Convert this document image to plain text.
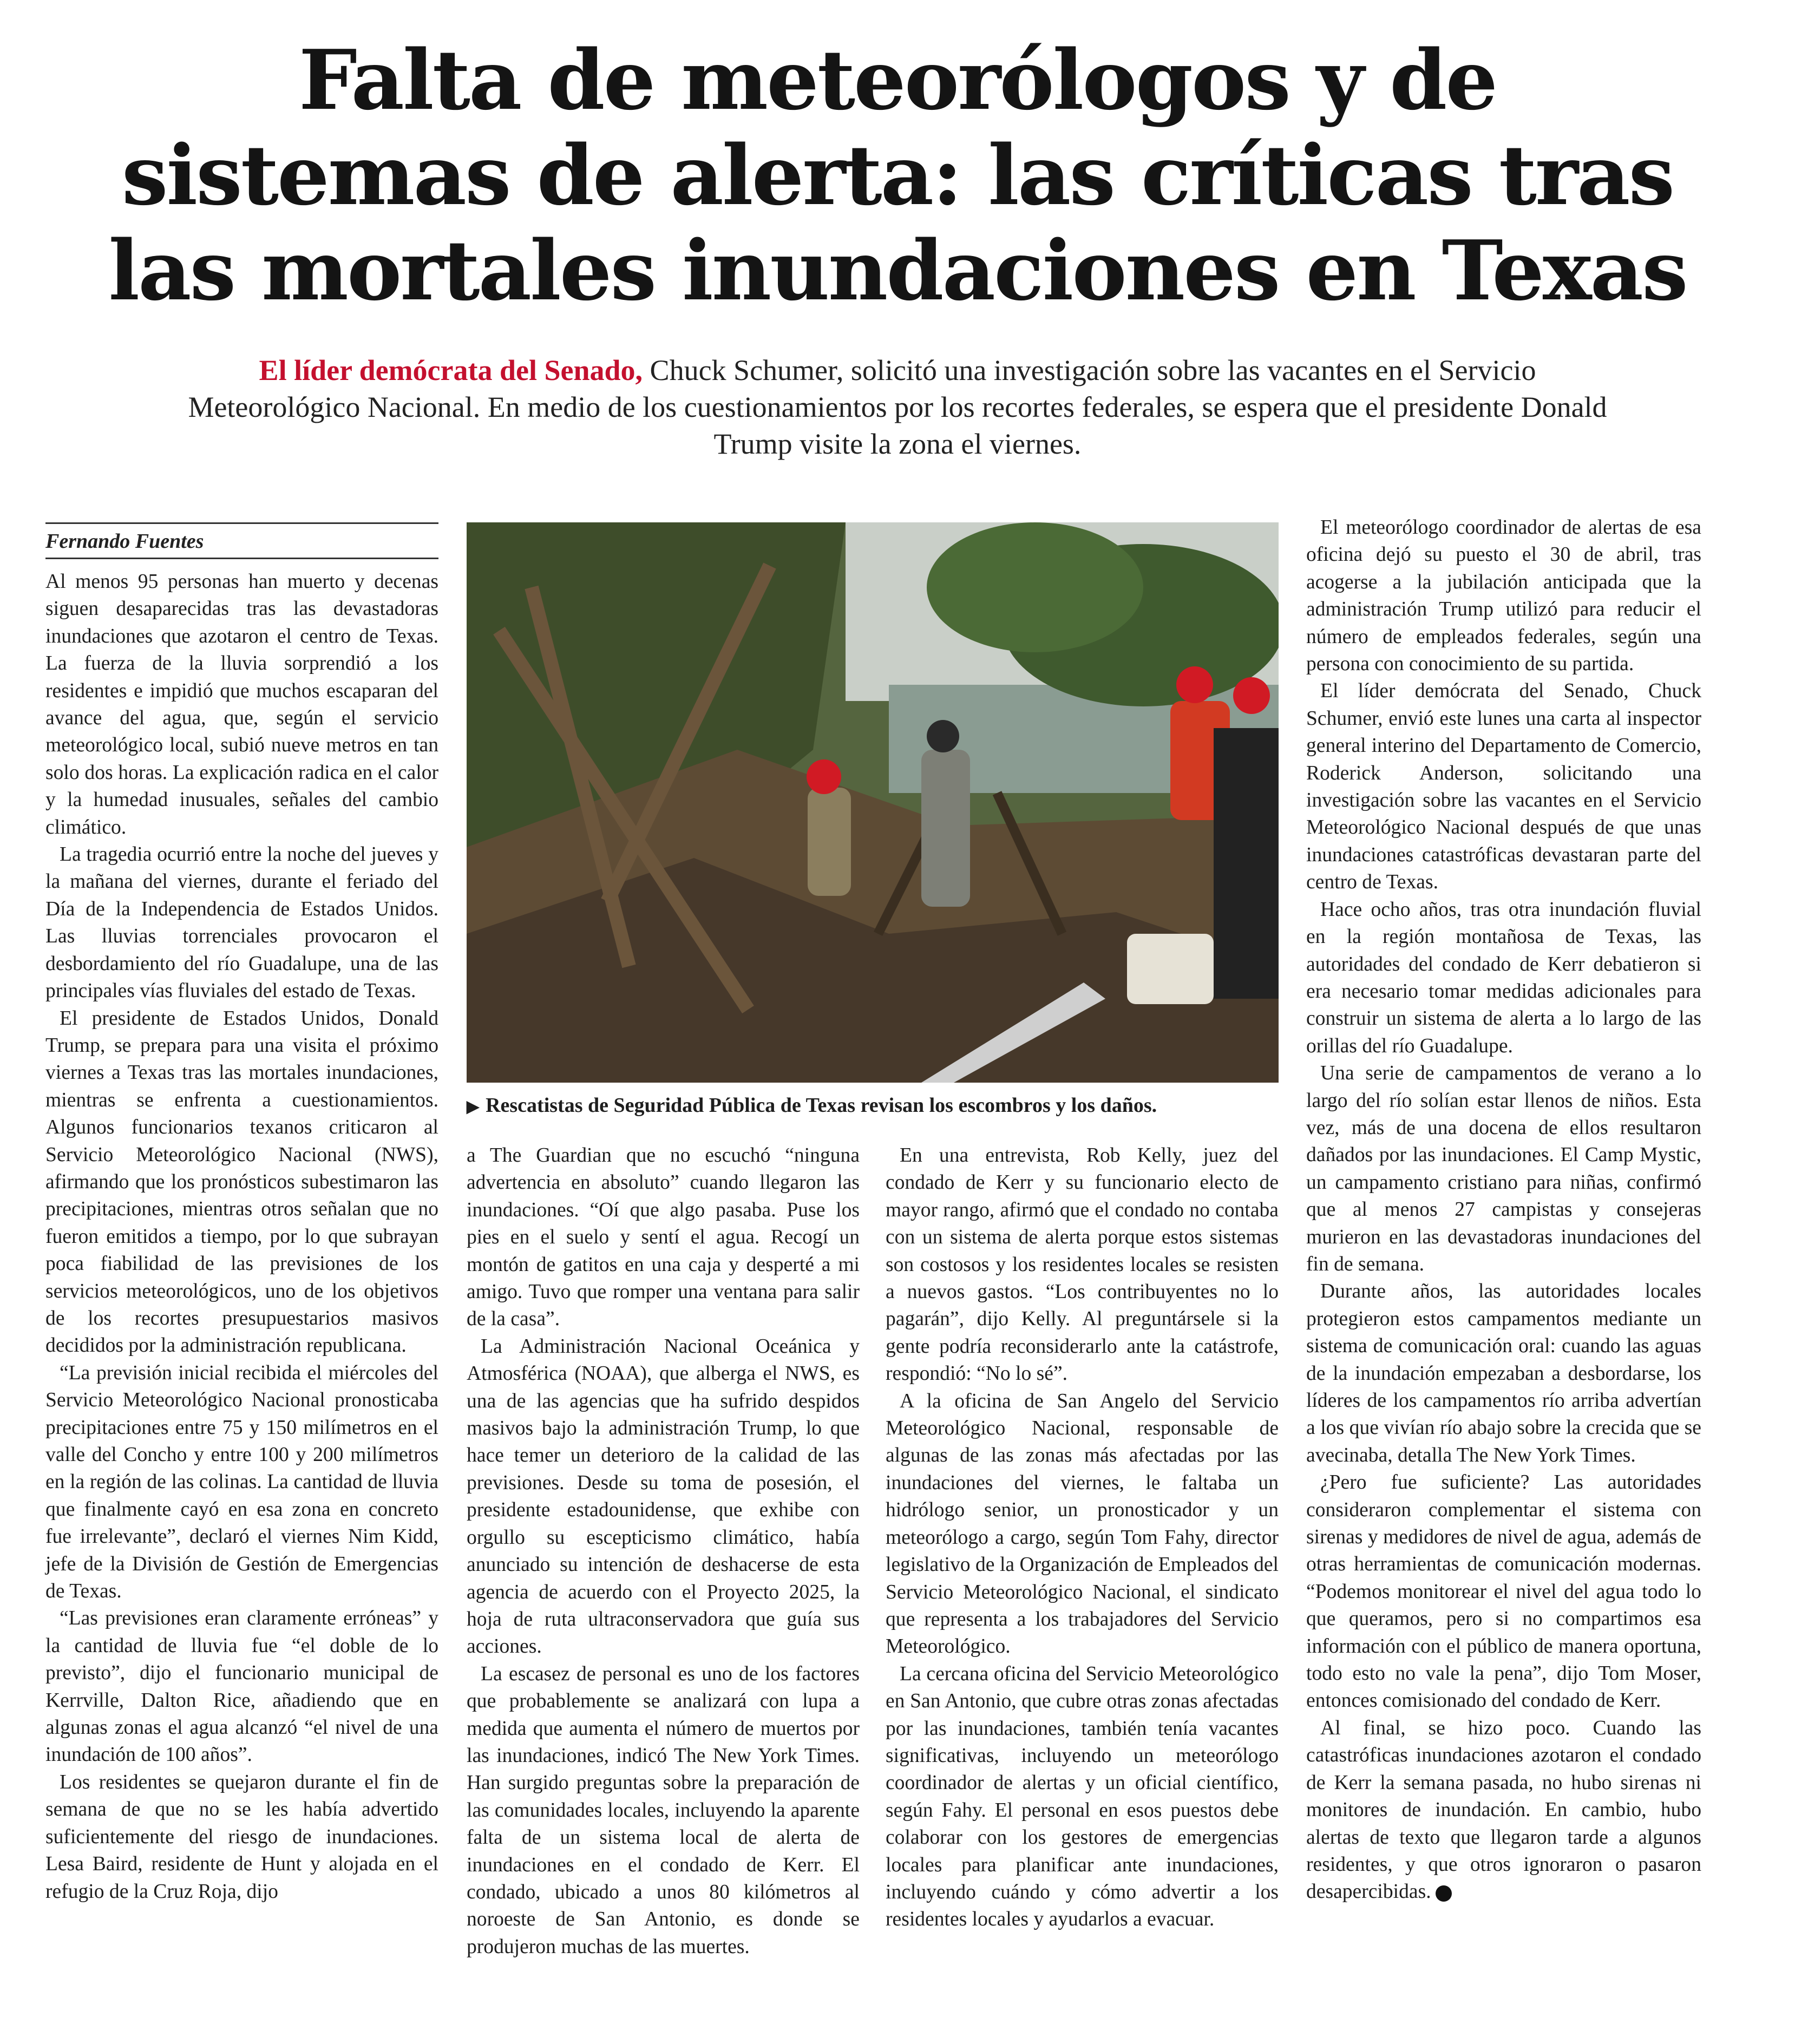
Falta de meteorólogos y de sistemas de alerta: las críticas tras las mortales inundaciones en Texas
El líder demócrata del Senado, Chuck Schumer, solicitó una investigación sobre las vacantes en el Servicio Meteorológico Nacional. En medio de los cuestionamientos por los recortes federales, se espera que el presidente Donald Trump visite la zona el viernes.
Fernando Fuentes

Al menos 95 personas han muerto y decenas siguen desaparecidas tras las devastadoras inundaciones que azotaron el centro de Texas. La fuerza de la lluvia sorprendió a los residentes e impidió que muchos escaparan del avance del agua, que, según el servicio meteorológico local, subió nueve metros en tan solo dos horas. La explicación radica en el calor y la humedad inusuales, señales del cambio climático.

La tragedia ocurrió entre la noche del jueves y la mañana del viernes, durante el feriado del Día de la Independencia de Estados Unidos. Las lluvias torrenciales provocaron el desbordamiento del río Guadalupe, una de las principales vías fluviales del estado de Texas.

El presidente de Estados Unidos, Donald Trump, se prepara para una visita el próximo viernes a Texas tras las mortales inundaciones, mientras se enfrenta a cuestionamientos. Algunos funcionarios texanos criticaron al Servicio Meteorológico Nacional (NWS), afirmando que los pronósticos subestimaron las precipitaciones, mientras otros señalan que no fueron emitidos a tiempo, por lo que subrayan poca fiabilidad de las previsiones de los servicios meteorológicos, uno de los objetivos de los recortes presupuestarios masivos decididos por la administración republicana.

“La previsión inicial recibida el miércoles del Servicio Meteorológico Nacional pronosticaba precipitaciones entre 75 y 150 milímetros en el valle del Concho y entre 100 y 200 milímetros en la región de las colinas. La cantidad de lluvia que finalmente cayó en esa zona en concreto fue irrelevante”, declaró el viernes Nim Kidd, jefe de la División de Gestión de Emergencias de Texas.

“Las previsiones eran claramente erróneas” y la cantidad de lluvia fue “el doble de lo previsto”, dijo el funcionario municipal de Kerrville, Dalton Rice, añadiendo que en algunas zonas el agua alcanzó “el nivel de una inundación de 100 años”.

Los residentes se quejaron durante el fin de semana de que no se les había advertido suficientemente del riesgo de inundaciones. Lesa Baird, residente de Hunt y alojada en el refugio de la Cruz Roja, dijo

▶ Rescatistas de Seguridad Pública de Texas revisan los escombros y los daños.

a The Guardian que no escuchó “ninguna advertencia en absoluto” cuando llegaron las inundaciones. “Oí que algo pasaba. Puse los pies en el suelo y sentí el agua. Recogí un montón de gatitos en una caja y desperté a mi amigo. Tuvo que romper una ventana para salir de la casa”.

La Administración Nacional Oceánica y Atmosférica (NOAA), que alberga el NWS, es una de las agencias que ha sufrido despidos masivos bajo la administración Trump, lo que hace temer un deterioro de la calidad de las previsiones. Desde su toma de posesión, el presidente estadounidense, que exhibe con orgullo su escepticismo climático, había anunciado su intención de deshacerse de esta agencia de acuerdo con el Proyecto 2025, la hoja de ruta ultraconservadora que guía sus acciones.

La escasez de personal es uno de los factores que probablemente se analizará con lupa a medida que aumenta el número de muertos por las inundaciones, indicó The New York Times. Han surgido preguntas sobre la preparación de las comunidades locales, incluyendo la aparente falta de un sistema local de alerta de inundaciones en el condado de Kerr. El condado, ubicado a unos 80 kilómetros al noroeste de San Antonio, es donde se produjeron muchas de las muertes.

En una entrevista, Rob Kelly, juez del condado de Kerr y su funcionario electo de mayor rango, afirmó que el condado no contaba con un sistema de alerta porque estos sistemas son costosos y los residentes locales se resisten a nuevos gastos. “Los contribuyentes no lo pagarán”, dijo Kelly. Al preguntársele si la gente podría reconsiderarlo ante la catástrofe, respondió: “No lo sé”.

A la oficina de San Angelo del Servicio Meteorológico Nacional, responsable de algunas de las zonas más afectadas por las inundaciones del viernes, le faltaba un hidrólogo senior, un pronosticador y un meteorólogo a cargo, según Tom Fahy, director legislativo de la Organización de Empleados del Servicio Meteorológico Nacional, el sindicato que representa a los trabajadores del Servicio Meteorológico.

La cercana oficina del Servicio Meteorológico en San Antonio, que cubre otras zonas afectadas por las inundaciones, también tenía vacantes significativas, incluyendo un meteorólogo coordinador de alertas y un oficial científico, según Fahy. El personal en esos puestos debe colaborar con los gestores de emergencias locales para planificar ante inundaciones, incluyendo cuándo y cómo advertir a los residentes locales y ayudarlos a evacuar.

El meteorólogo coordinador de alertas de esa oficina dejó su puesto el 30 de abril, tras acogerse a la jubilación anticipada que la administración Trump utilizó para reducir el número de empleados federales, según una persona con conocimiento de su partida.

El líder demócrata del Senado, Chuck Schumer, envió este lunes una carta al inspector general interino del Departamento de Comercio, Roderick Anderson, solicitando una investigación sobre las vacantes en el Servicio Meteorológico Nacional después de que unas inundaciones catastróficas devastaran parte del centro de Texas.

Hace ocho años, tras otra inundación fluvial en la región montañosa de Texas, las autoridades del condado de Kerr debatieron si era necesario tomar medidas adicionales para construir un sistema de alerta a lo largo de las orillas del río Guadalupe.

Una serie de campamentos de verano a lo largo del río solían estar llenos de niños. Esta vez, más de una docena de ellos resultaron dañados por las inundaciones. El Camp Mystic, un campamento cristiano para niñas, confirmó que al menos 27 campistas y consejeras murieron en las devastadoras inundaciones del fin de semana.

Durante años, las autoridades locales protegieron estos campamentos mediante un sistema de comunicación oral: cuando las aguas de la inundación empezaban a desbordarse, los líderes de los campamentos río arriba advertían a los que vivían río abajo sobre la crecida que se avecinaba, detalla The New York Times.

¿Pero fue suficiente? Las autoridades consideraron complementar el sistema con sirenas y medidores de nivel de agua, además de otras herramientas de comunicación modernas. “Podemos monitorear el nivel del agua todo lo que queramos, pero si no compartimos esa información con el público de manera oportuna, todo esto no vale la pena”, dijo Tom Moser, entonces comisionado del condado de Kerr.

Al final, se hizo poco. Cuando las catastróficas inundaciones azotaron el condado de Kerr la semana pasada, no hubo sirenas ni monitores de inundación. En cambio, hubo alertas de texto que llegaron tarde a algunos residentes, y que otros ignoraron o pasaron desapercibidas.
